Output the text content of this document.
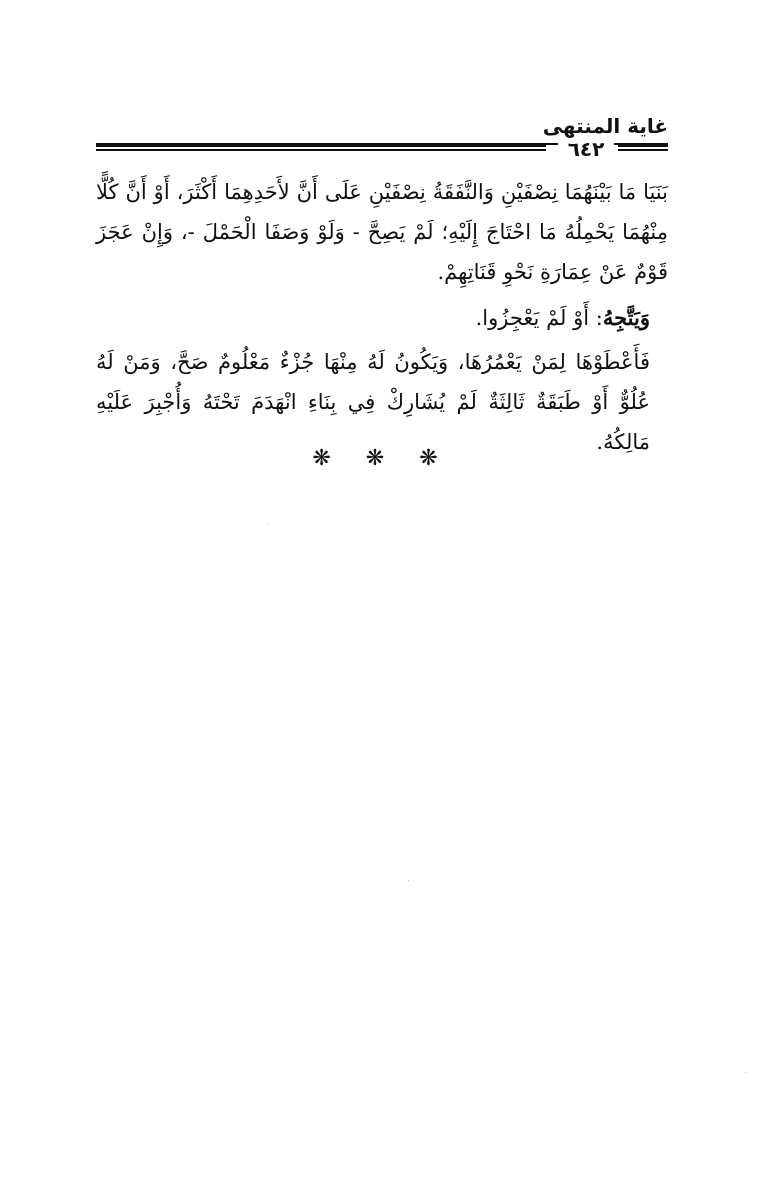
غاية المنتهى
٦٤٢

بَنَيَا مَا بَيْنَهُمَا نِصْفَيْنِ وَالنَّفَقَةُ نِصْفَيْنِ عَلَى أَنَّ لأَحَدِهِمَا أَكْثَرَ، أَوْ أَنَّ كُلًّا مِنْهُمَا يَحْمِلُهُ مَا احْتَاجَ إِلَيْهِ؛ لَمْ يَصِحَّ - وَلَوْ وَصَفَا الْحَمْلَ -، وَإِنْ عَجَزَ قَوْمٌ عَنْ عِمَارَةِ نَحْوِ قَنَاتِهِمْ.

وَيَتَّجِهُ: أَوْ لَمْ يَعْجِزُوا.

فَأَعْطَوْهَا لِمَنْ يَعْمُرُهَا، وَيَكُونُ لَهُ مِنْهَا جُزْءٌ مَعْلُومٌ صَحَّ، وَمَنْ لَهُ عُلُوٌّ أَوْ طَبَقَةٌ ثَالِثَةٌ لَمْ يُشَارِكْ فِي بِنَاءِ انْهَدَمَ تَحْتَهُ وَأُجْبِرَ عَلَيْهِ مَالِكُهُ.

❋ ❋ ❋
